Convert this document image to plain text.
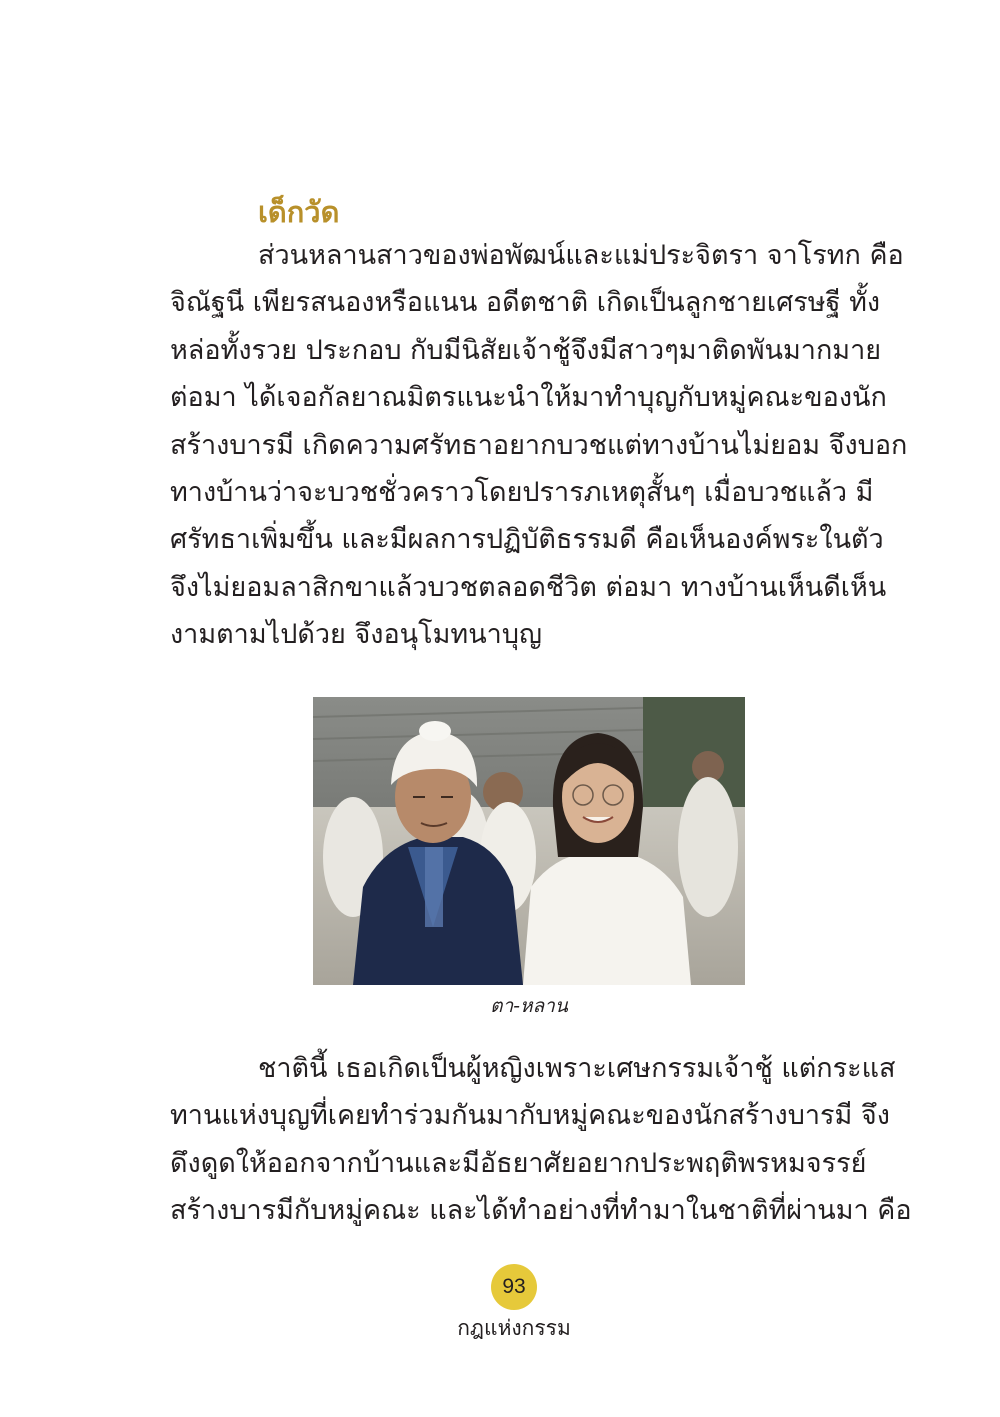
เด็กวัด
ส่วนหลานสาวของพ่อพัฒน์และแม่ประจิตรา จาโรทก คือ
จิณัฐนี เพียรสนองหรือแนน อดีตชาติ เกิดเป็นลูกชายเศรษฐี ทั้ง
หล่อทั้งรวย ประกอบ กับมีนิสัยเจ้าชู้จึงมีสาวๆมาติดพันมากมาย
ต่อมา ได้เจอกัลยาณมิตรแนะนำให้มาทำบุญกับหมู่คณะของนัก
สร้างบารมี เกิดความศรัทธาอยากบวชแต่ทางบ้านไม่ยอม จึงบอก
ทางบ้านว่าจะบวชชั่วคราวโดยปรารภเหตุสั้นๆ เมื่อบวชแล้ว มี
ศรัทธาเพิ่มขึ้น และมีผลการปฏิบัติธรรมดี คือเห็นองค์พระในตัว
จึงไม่ยอมลาสิกขาแล้วบวชตลอดชีวิต ต่อมา ทางบ้านเห็นดีเห็น
งามตามไปด้วย จึงอนุโมทนาบุญ
ตา-หลาน
ชาตินี้ เธอเกิดเป็นผู้หญิงเพราะเศษกรรมเจ้าชู้ แต่กระแส
ทานแห่งบุญที่เคยทำร่วมกันมากับหมู่คณะของนักสร้างบารมี จึง
ดึงดูดให้ออกจากบ้านและมีอัธยาศัยอยากประพฤติพรหมจรรย์
สร้างบารมีกับหมู่คณะ และได้ทำอย่างที่ทำมาในชาติที่ผ่านมา คือ
93
กฎแห่งกรรม
